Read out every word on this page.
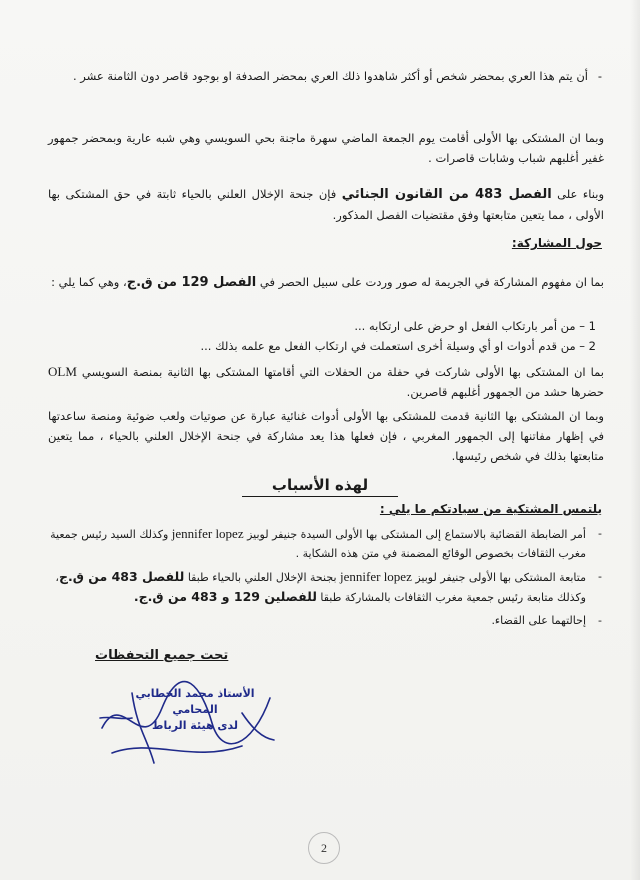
-
أن يتم هذا العري بمحضر شخص أو أكثر شاهدوا ذلك العري بمحضر الصدفة او بوجود قاصر دون الثامنة عشر .

وبما ان المشتكى بها الأولى أقامت يوم الجمعة الماضي سهرة ماجنة بحي السويسي وهي شبه عارية وبمحضر جمهور غفير أغلبهم شباب وشابات قاصرات .

وبناء على الفصل 483 من القانون الجنائي فإن جنحة الإخلال العلني بالحياء ثابتة في حق المشتكى بها الأولى ، مما يتعين متابعتها وفق مقتضيات الفصل المذكور.

حول المشاركة:

بما ان مفهوم المشاركة في الجريمة له صور وردت على سبيل الحصر في الفصل 129 من ق.ج، وهي كما يلي :

1 – من أمر بارتكاب الفعل او حرض على ارتكابه ...

2 – من قدم أدوات او أي وسيلة أخرى استعملت في ارتكاب الفعل مع علمه بذلك ...

بما ان المشتكى بها الأولى شاركت في حفلة من الحفلات التي أقامتها المشتكى بها الثانية بمنصة السويسي OLM حضرها حشد من الجمهور أغلبهم قاصرين.

وبما ان المشتكى بها الثانية قدمت للمشتكى بها الأولى أدوات غنائية عبارة عن صوتيات ولعب ضوئية ومنصة ساعدتها في إظهار مفاتنها إلى الجمهور المغربي ، فإن فعلها هذا يعد مشاركة في جنحة الإخلال العلني بالحياء ، مما يتعين متابعتها بذلك في شخص رئيسها.

لهذه الأسباب
يلتمس المشتكية من سيادتكم ما يلي :
- أمر الضابطة القضائية بالاستماع إلى المشتكى بها الأولى السيدة جنيفر لوبيز jennifer lopez وكذلك السيد رئيس جمعية مغرب الثقافات بخصوص الوقائع المضمنة في متن هذه الشكاية .
- متابعة المشتكى بها الأولى جنيفر لوبيز jennifer lopez بجنحة الإخلال العلني بالحياء طبقا للفصل 483 من ق.ج، وكذلك متابعة رئيس جمعية مغرب الثقافات بالمشاركة طبقا للفصلين 129 و 483 من ق.ج.
- إحالتهما على القضاء.
تحت جميع التحفظات
الأستاذ محمد الخطابي
المحامي
لدى هيئة الرباط
2
